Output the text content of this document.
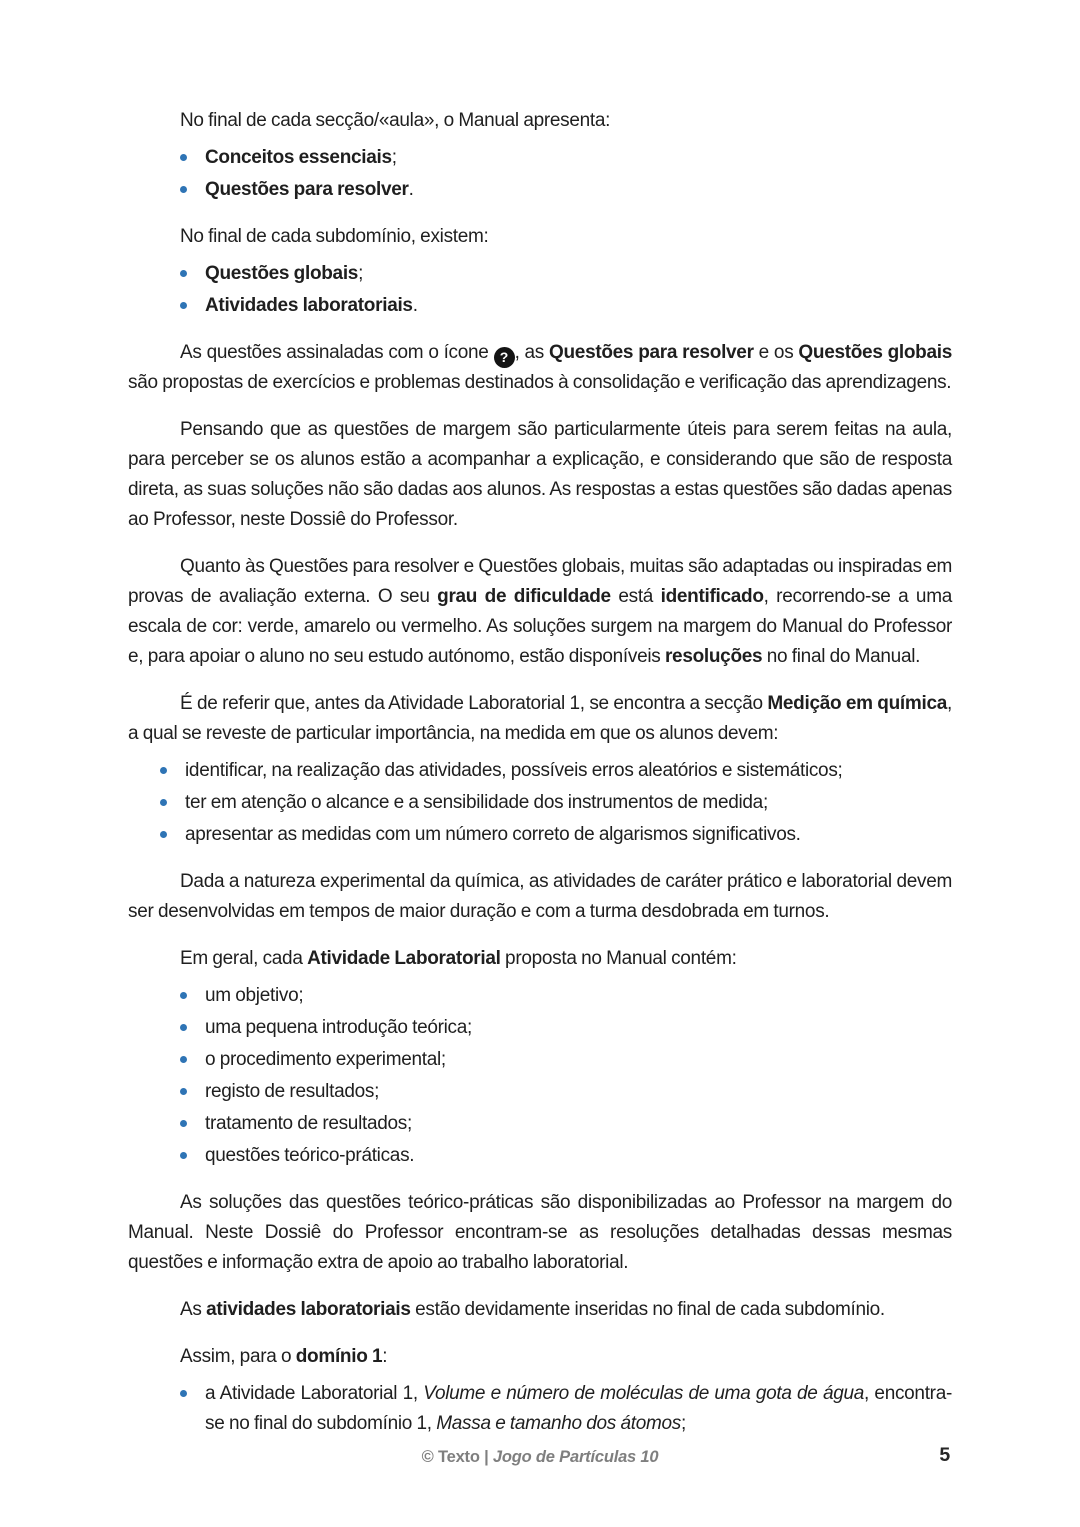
No final de cada secção/«aula», o Manual apresenta:

Conceitos essenciais;
Questões para resolver.

No final de cada subdomínio, existem:

Questões globais;
Atividades laboratoriais.

As questões assinaladas com o ícone ? , as Questões para resolver e os Questões globais são propostas de exercícios e problemas destinados à consolidação e verificação das aprendizagens.

Pensando que as questões de margem são particularmente úteis para serem feitas na aula, para perceber se os alunos estão a acompanhar a explicação, e considerando que são de resposta direta, as suas soluções não são dadas aos alunos. As respostas a estas questões são dadas apenas ao Professor, neste Dossiê do Professor.

Quanto às Questões para resolver e Questões globais, muitas são adaptadas ou inspiradas em provas de avaliação externa. O seu grau de dificuldade está identificado, recorrendo-se a uma escala de cor: verde, amarelo ou vermelho. As soluções surgem na margem do Manual do Professor e, para apoiar o aluno no seu estudo autónomo, estão disponíveis resoluções no final do Manual.

É de referir que, antes da Atividade Laboratorial 1, se encontra a secção Medição em química, a qual se reveste de particular importância, na medida em que os alunos devem:

identificar, na realização das atividades, possíveis erros aleatórios e sistemáticos;
ter em atenção o alcance e a sensibilidade dos instrumentos de medida;
apresentar as medidas com um número correto de algarismos significativos.

Dada a natureza experimental da química, as atividades de caráter prático e laboratorial devem ser desenvolvidas em tempos de maior duração e com a turma desdobrada em turnos.

Em geral, cada Atividade Laboratorial proposta no Manual contém:

um objetivo;
uma pequena introdução teórica;
o procedimento experimental;
registo de resultados;
tratamento de resultados;
questões teórico-práticas.

As soluções das questões teórico-práticas são disponibilizadas ao Professor na margem do Manual. Neste Dossiê do Professor encontram-se as resoluções detalhadas dessas mesmas questões e informação extra de apoio ao trabalho laboratorial.

As atividades laboratoriais estão devidamente inseridas no final de cada subdomínio.

Assim, para o domínio 1:

a Atividade Laboratorial 1, Volume e número de moléculas de uma gota de água, encontra-se no final do subdomínio 1, Massa e tamanho dos átomos;
© Texto | Jogo de Partículas 10	5
